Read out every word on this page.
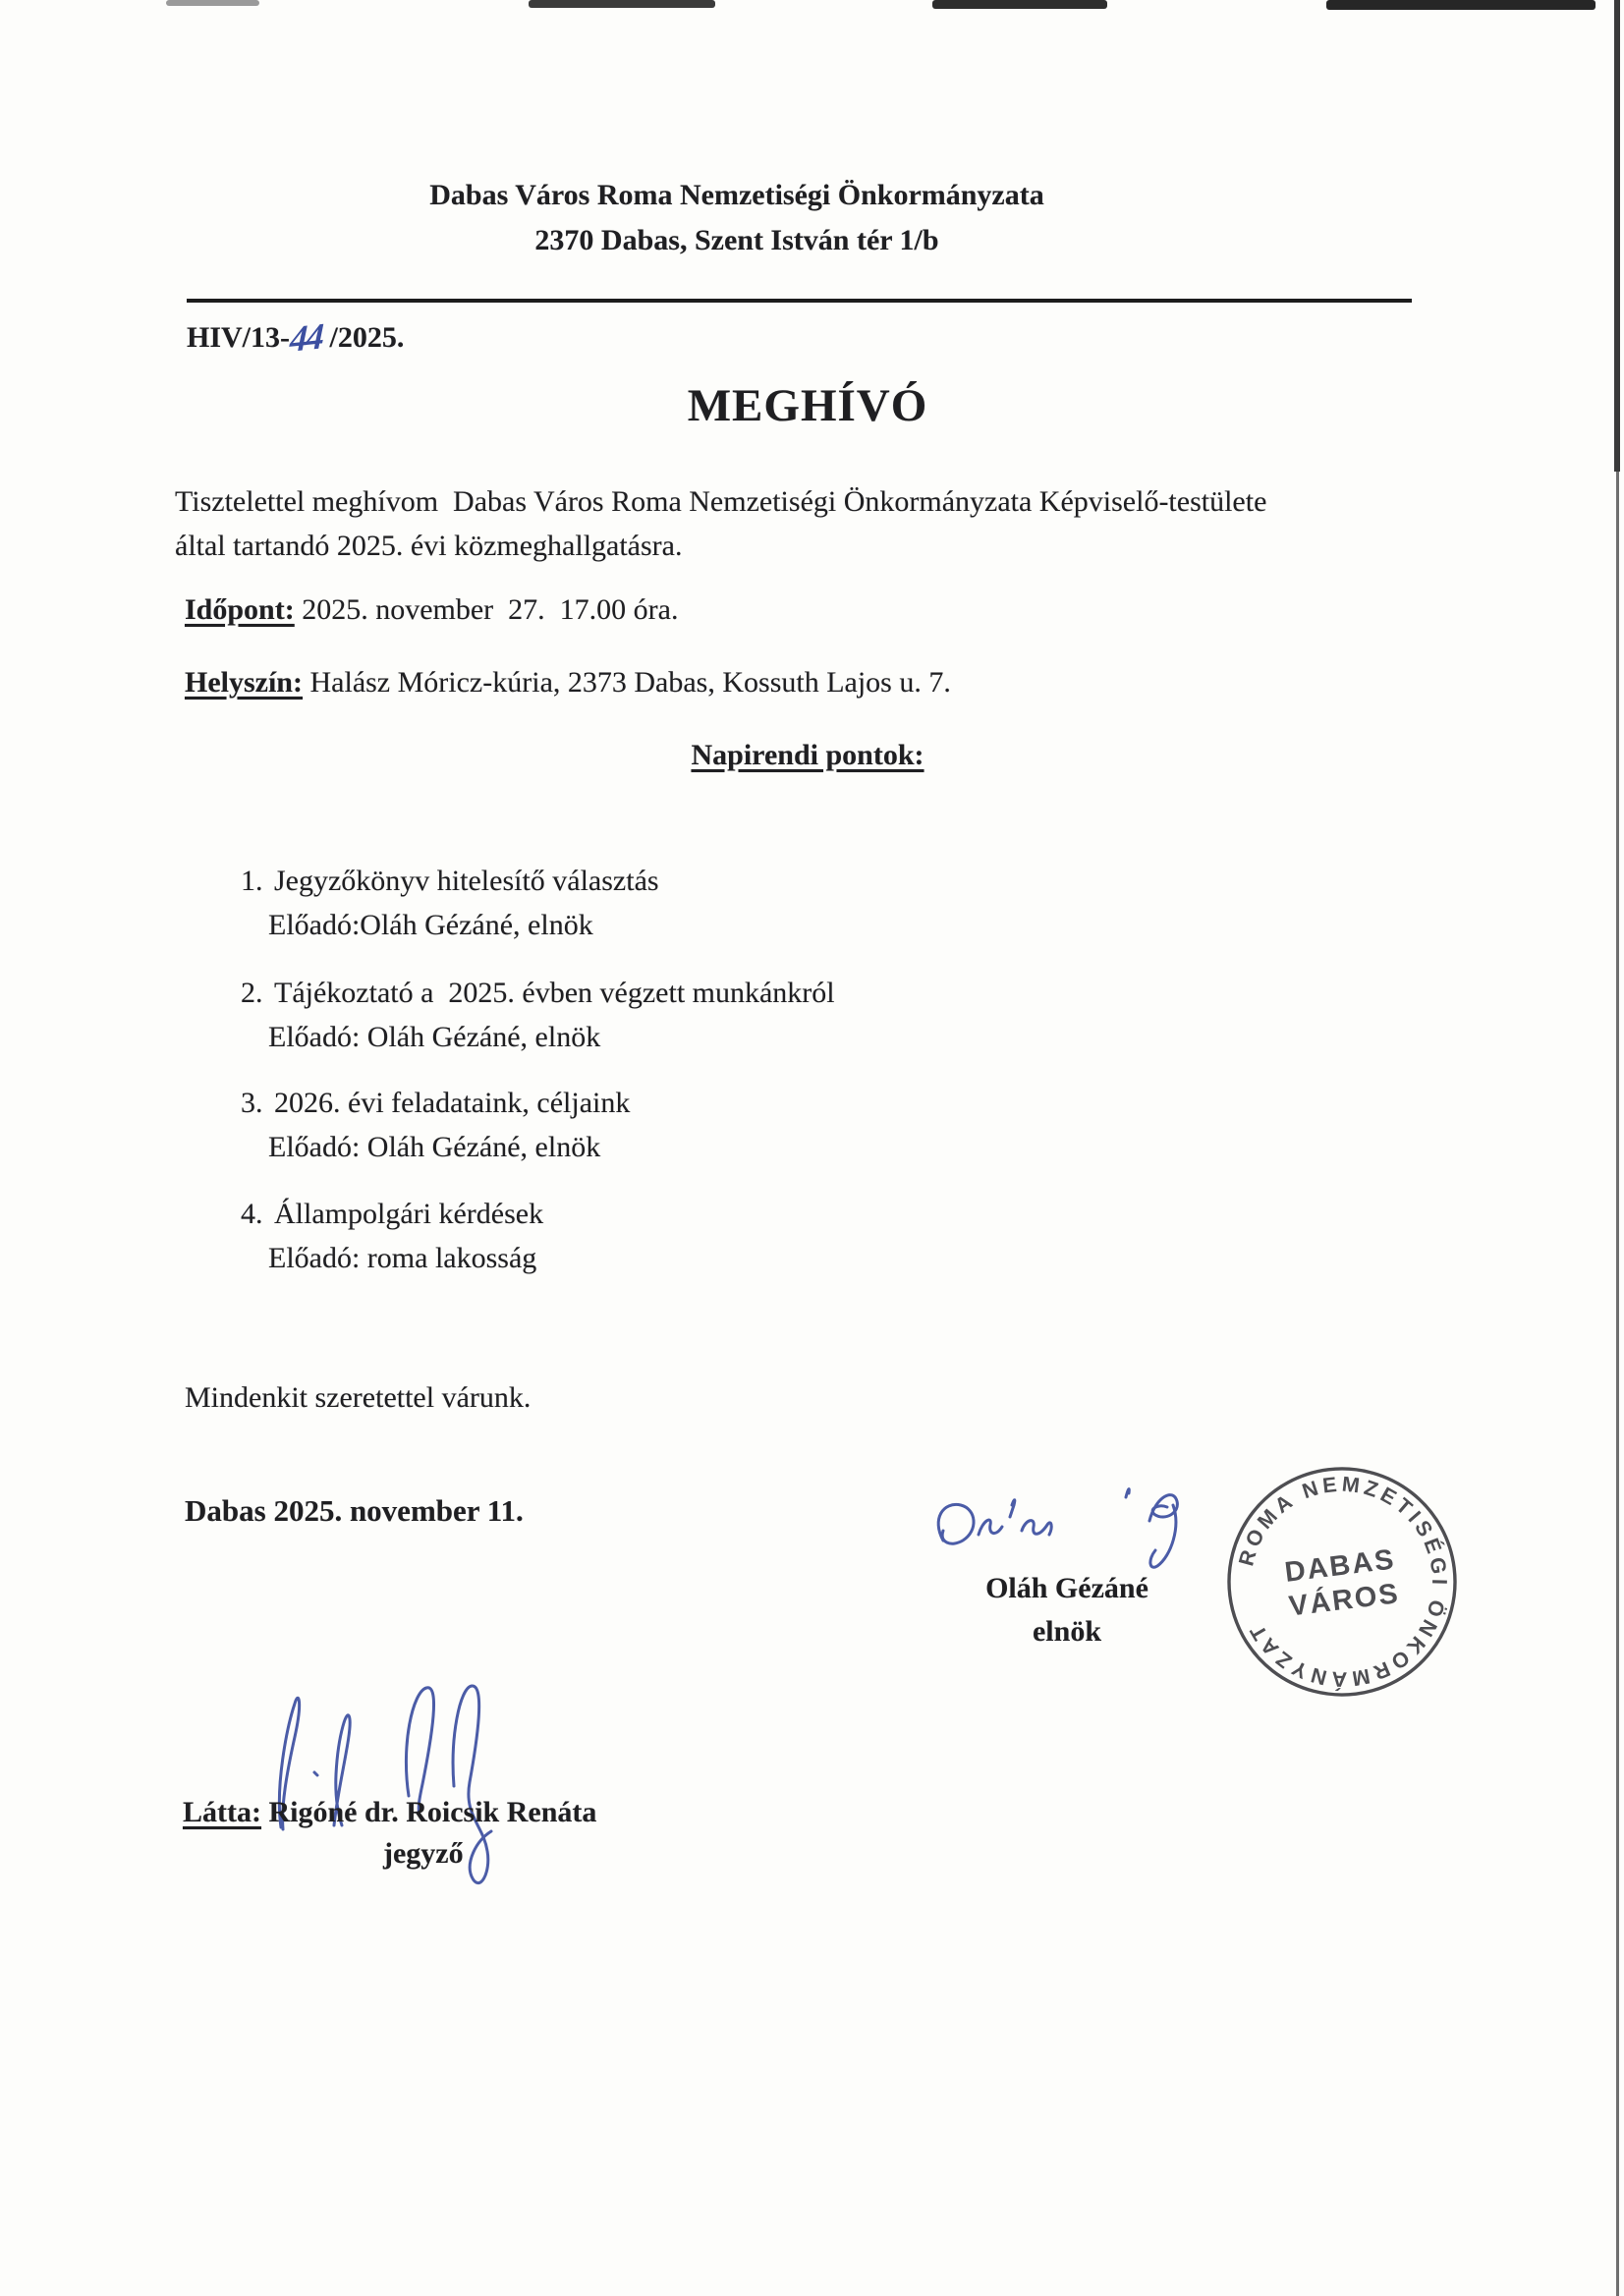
Dabas Város Roma Nemzetiségi Önkormányzata
2370 Dabas, Szent István tér 1/b
HIV/13-44 /2025.
MEGHÍVÓ
Tisztelettel meghívom  Dabas Város Roma Nemzetiségi Önkormányzata Képviselő-testülete
által tartandó 2025. évi közmeghallgatásra.
Időpont: 2025. november  27.  17.00 óra.
Helyszín: Halász Móricz-kúria, 2373 Dabas, Kossuth Lajos u. 7.
Napirendi pontok:
1. Jegyzőkönyv hitelesítő választás
Előadó:Oláh Gézáné, elnök
2. Tájékoztató a  2025. évben végzett munkánkról
Előadó: Oláh Gézáné, elnök
3. 2026. évi feladataink, céljaink
Előadó: Oláh Gézáné, elnök
4. Állampolgári kérdések
Előadó: roma lakosság
Mindenkit szeretettel várunk.
Dabas 2025. november 11.
Oláh Gézáné
elnök
ROMA NEMZETISÉGI ÖNKORMÁNYZAT
DABAS
VÁROS
Látta: Rigóné dr. Roicsik Renáta
jegyző
